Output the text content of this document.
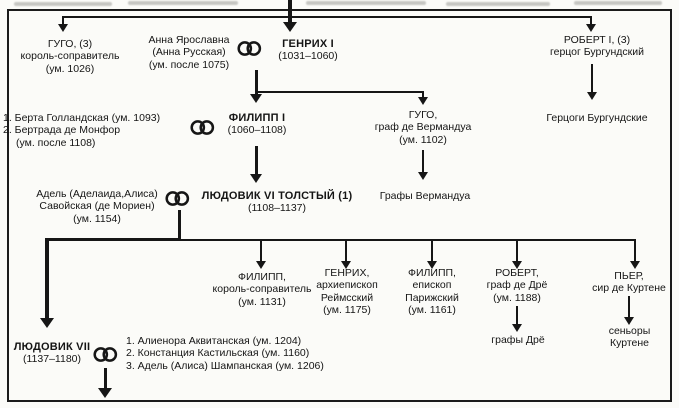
ГУГО, (3)
король-соправитель
(ум. 1026)
Анна Ярославна
(Анна Русская)
(ум. после 1075)
ГЕНРИХ I
(1031–1060)
РОБЕРТ I, (3)
герцог Бургундский
1. Берта Голландская (ум. 1093)
2. Бертрада де Монфор
(ум. после 1108)
ФИЛИПП I
(1060–1108)
ГУГО,
граф де Вермандуа
(ум. 1102)
Герцоги Бургундские
Адель (Аделаида,Алиса)
Савойская (де Мориен)
(ум. 1154)
ЛЮДОВИК VI ТОЛСТЫЙ (1)
(1108–1137)
Графы Вермандуа
ФИЛИПП,
король-соправитель
(ум. 1131)
ГЕНРИХ,
архиепископ
Реймсский
(ум. 1175)
ФИЛИПП,
епископ
Парижский
(ум. 1161)
РОБЕРТ,
граф де Дрё
(ум. 1188)
графы Дрё
ПЬЕР,
сир де Куртене
сеньоры
Куртене
ЛЮДОВИК VII
(1137–1180)
1. Алиенора Аквитанская (ум. 1204)
2. Констанция Кастильская (ум. 1160)
3. Адель (Алиса) Шампанская (ум. 1206)
